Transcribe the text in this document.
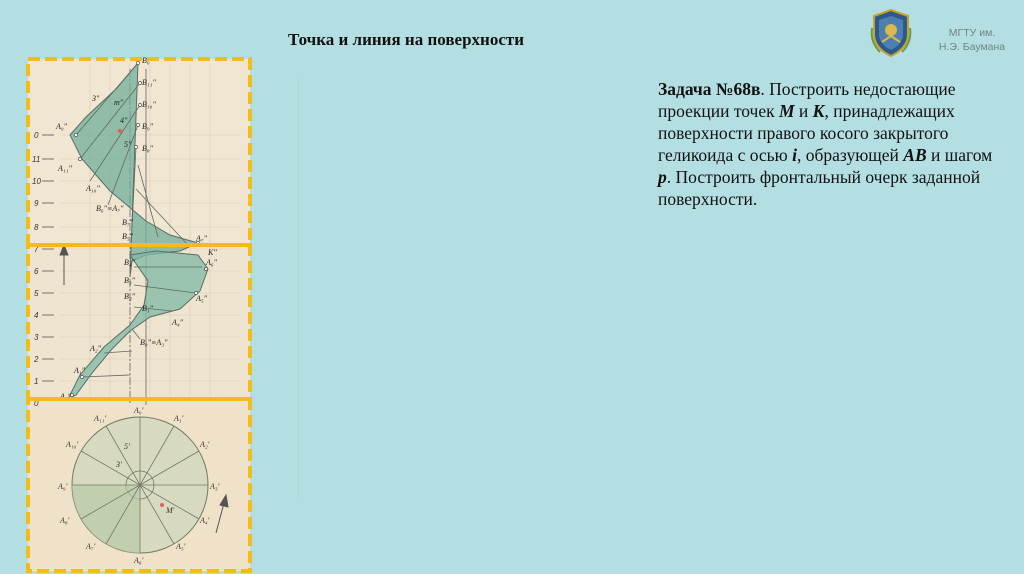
Точка и линия на поверхности	МГТУ им.
Н.Э. Баумана
Задача №68в. Построить недостающие проекции точек М и К, принадлежащих поверхности правого косого закрытого геликоида с осью i, образующей АВ и шагом р. Построить фронтальный очерк заданной поверхности.
0
11
10
9
8
7
6
5
4
3
2
1
0
B₀"
B₁₁"
B₁₀"
B₉"
B₈"
A₀"
A₁₁"
A₁₀"
B₆"≡A₇"
B₇"
B₅"
B₄"
B₃"
B₂"
A₇"
A₆"
A₅"
A₄"
K"
B₁"
B₀"≡A₃"
A₂"
A₁"
A₀"
m"
3"
4"
5"
A₀'
A₁₁'
A₁₀'
A₁'
A₂'
A₃'
A₄'
A₅'
A₆'
A₇'
A₈'
A₉'
M'
3'
5'
